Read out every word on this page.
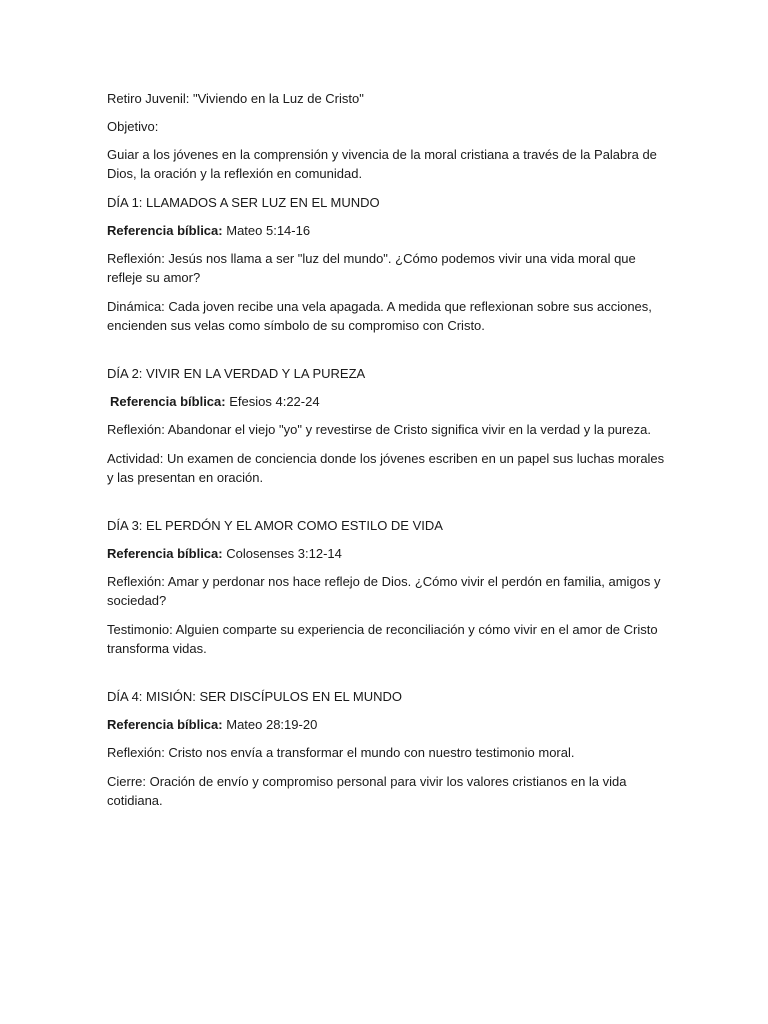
Retiro Juvenil: "Viviendo en la Luz de Cristo"

Objetivo:

Guiar a los jóvenes en la comprensión y vivencia de la moral cristiana a través de la Palabra de Dios, la oración y la reflexión en comunidad.

DÍA 1: LLAMADOS A SER LUZ EN EL MUNDO

Referencia bíblica: Mateo 5:14-16

Reflexión: Jesús nos llama a ser "luz del mundo". ¿Cómo podemos vivir una vida moral que refleje su amor?

Dinámica: Cada joven recibe una vela apagada. A medida que reflexionan sobre sus acciones, encienden sus velas como símbolo de su compromiso con Cristo.

DÍA 2: VIVIR EN LA VERDAD Y LA PUREZA

Referencia bíblica: Efesios 4:22-24

Reflexión: Abandonar el viejo "yo" y revestirse de Cristo significa vivir en la verdad y la pureza.

Actividad: Un examen de conciencia donde los jóvenes escriben en un papel sus luchas morales y las presentan en oración.

DÍA 3: EL PERDÓN Y EL AMOR COMO ESTILO DE VIDA

Referencia bíblica: Colosenses 3:12-14

Reflexión: Amar y perdonar nos hace reflejo de Dios. ¿Cómo vivir el perdón en familia, amigos y sociedad?

Testimonio: Alguien comparte su experiencia de reconciliación y cómo vivir en el amor de Cristo transforma vidas.

DÍA 4: MISIÓN: SER DISCÍPULOS EN EL MUNDO

Referencia bíblica: Mateo 28:19-20

Reflexión: Cristo nos envía a transformar el mundo con nuestro testimonio moral.

Cierre: Oración de envío y compromiso personal para vivir los valores cristianos en la vida cotidiana.
